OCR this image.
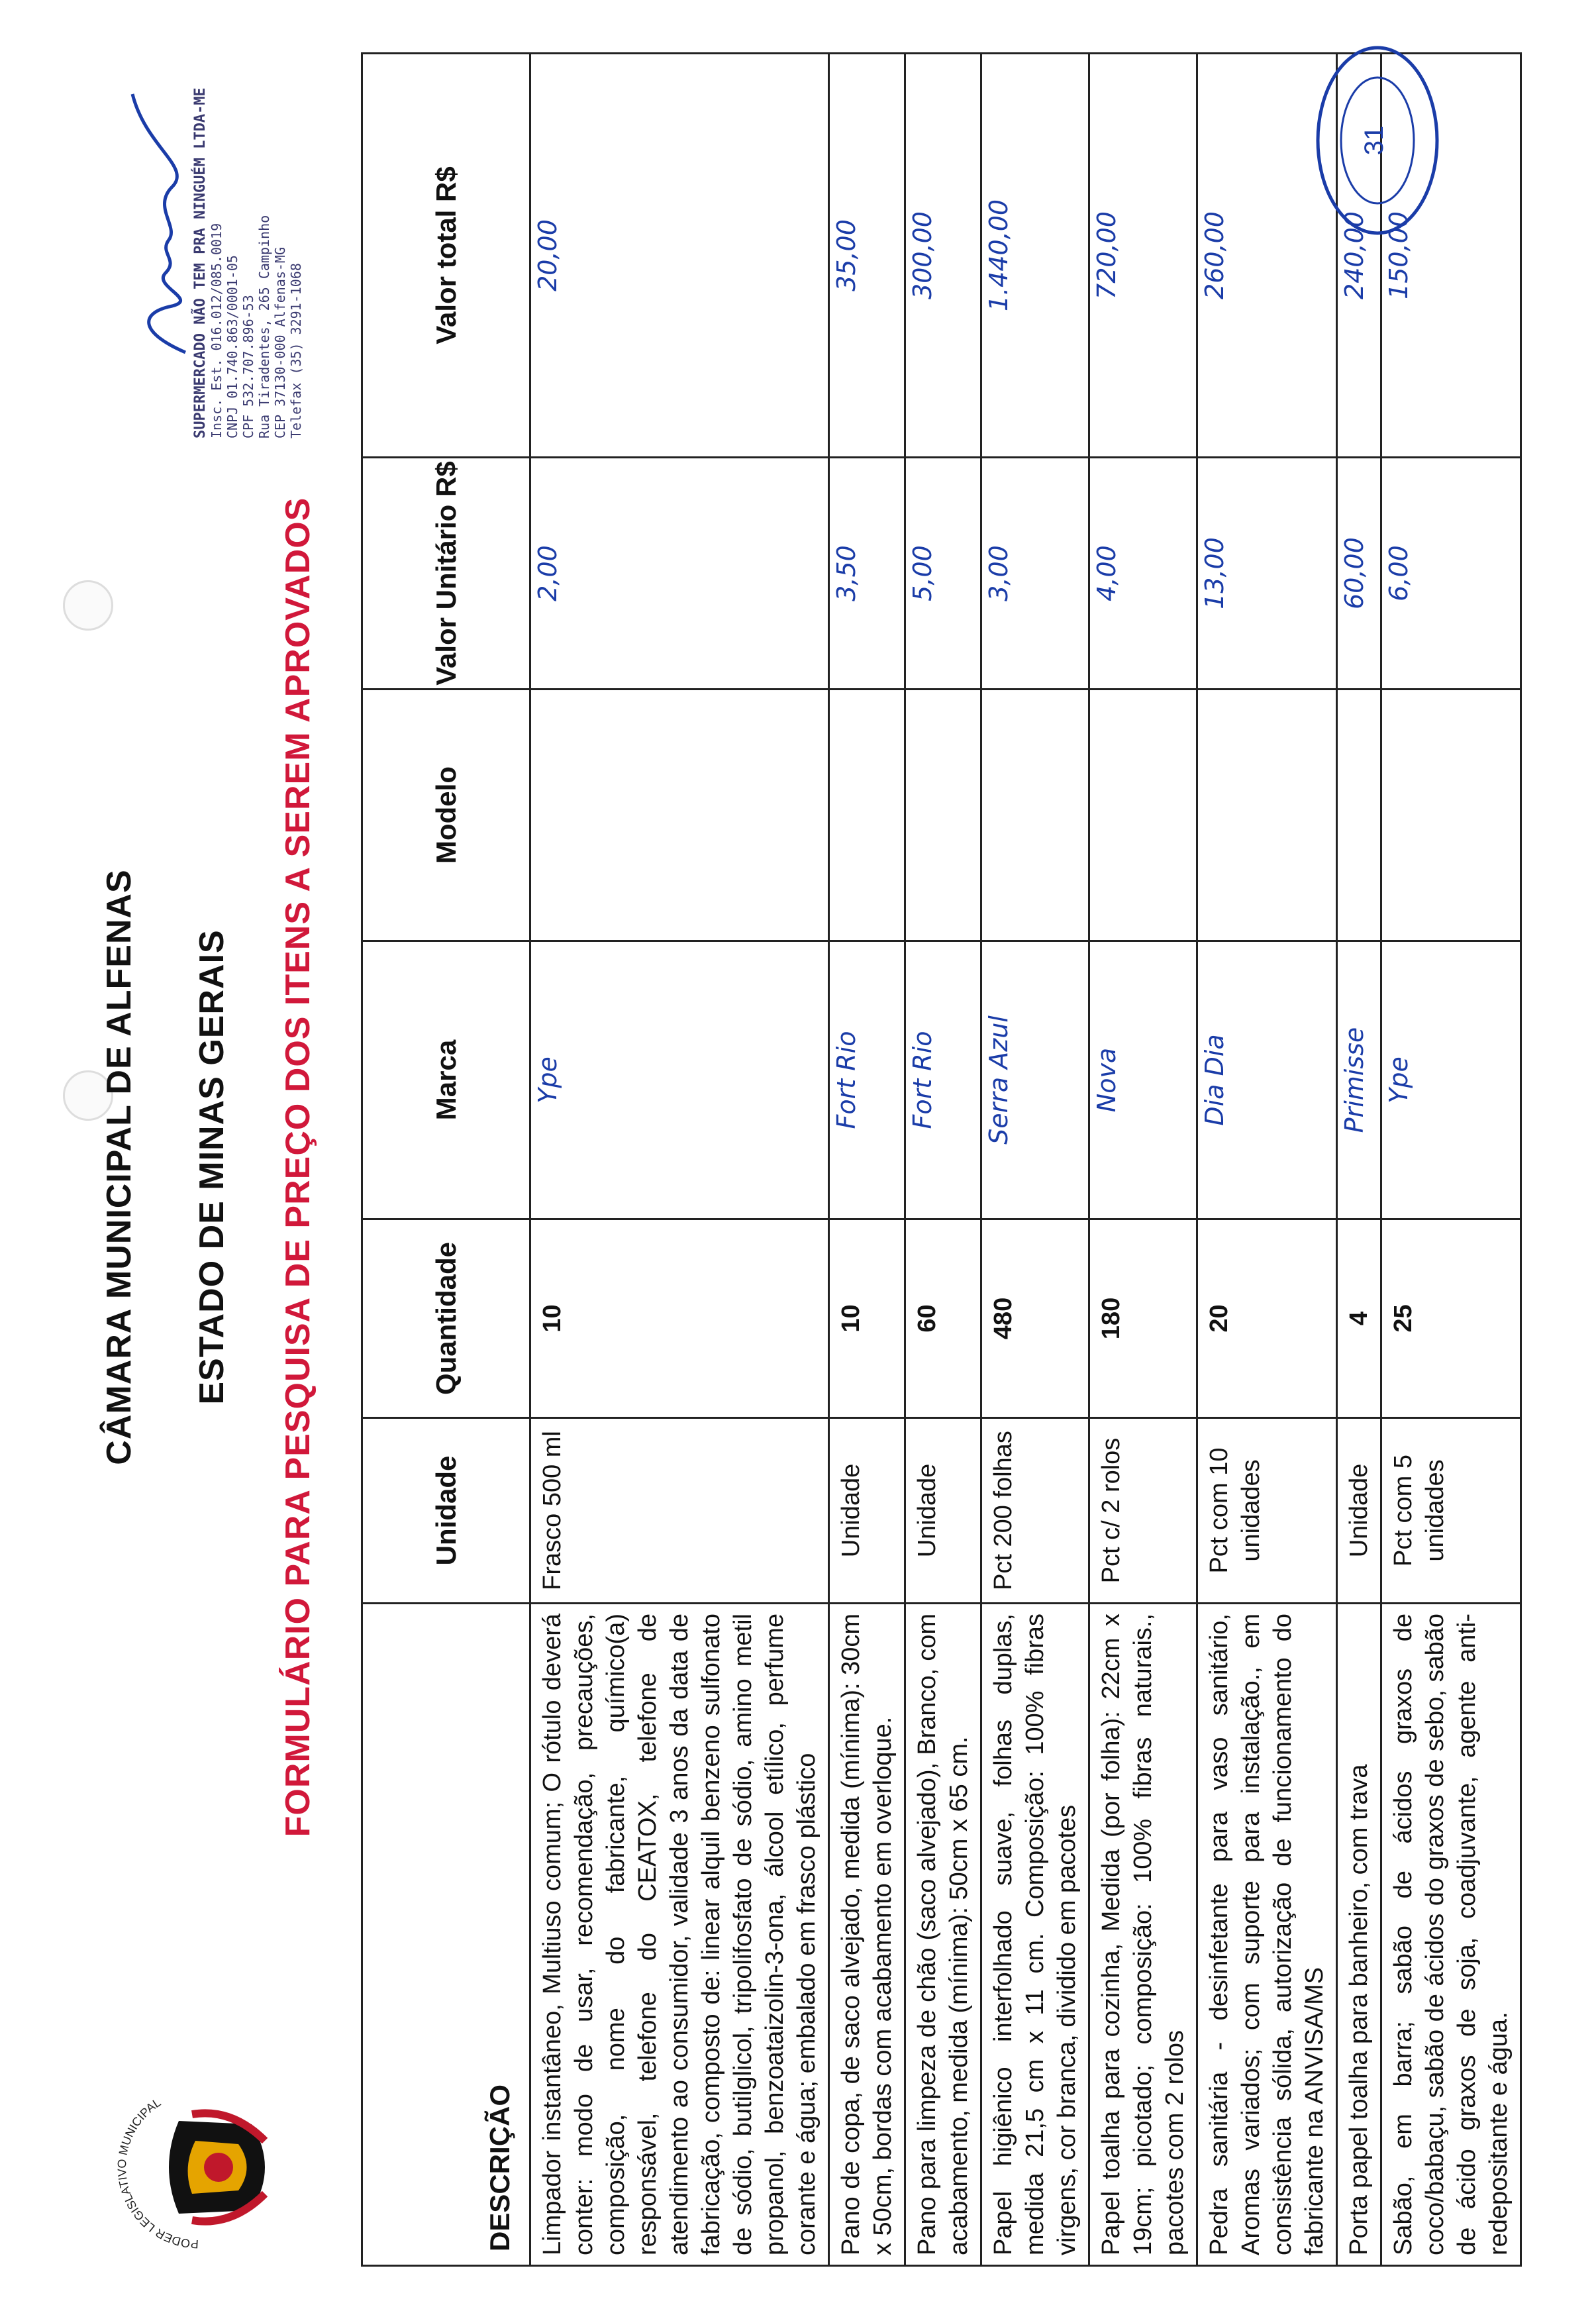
PODER LEGISLATIVO MUNICIPAL
CÂMARA MUNICIPAL DE ALFENAS ESTADO DE MINAS GERAIS FORMULÁRIO PARA PESQUISA DE PREÇO DOS ITENS A SEREM APROVADOS
SUPERMERCADO NÃO TEM PRA NINGUÉM LTDA-ME Insc. Est. 016.012/085.0019 CNPJ 01.740.863/0001-05 CPF 532.707.896-53 Rua Tiradentes, 265 Campinho CEP 37130-000 Alfenas-MG Telefax (35) 3291-1068
DESCRIÇÃO	Unidade	Quantidade	Marca	Modelo	Valor Unitário R$	Valor total R$
Limpador instantâneo, Multiuso comum; O rótulo deverá conter: modo de usar, recomendação, precauções, composição, nome do fabricante, químico(a) responsável, telefone do CEATOX, telefone de atendimento ao consumidor, validade 3 anos da data de fabricação, composto de: linear alquil benzeno sulfonato de sódio, butilglicol, tripolifosfato de sódio, amino metil propanol, benzoataizolin-3-ona, álcool etílico, perfume corante e água; embalado em frasco plástico	Frasco 500 ml	10	Ype		2,00	20,00
Pano de copa, de saco alvejado, medida (mínima): 30cm x 50cm, bordas com acabamento em overloque.	Unidade	10	Fort Rio		3,50	35,00
Pano para limpeza de chão (saco alvejado), Branco, com acabamento, medida (mínima): 50cm x 65 cm.	Unidade	60	Fort Rio		5,00	300,00
Papel higiênico interfolhado suave, folhas duplas, medida 21,5 cm x 11 cm. Composição: 100% fibras virgens, cor branca, dividido em pacotes	Pct 200 folhas	480	Serra Azul		3,00	1.440,00
Papel toalha para cozinha, Medida (por folha): 22cm x 19cm; picotado; composição: 100% fibras naturais., pacotes com 2 rolos	Pct c/ 2 rolos	180	Nova		4,00	720,00
Pedra sanitária - desinfetante para vaso sanitário, Aromas variados; com suporte para instalação., em consistência sólida, autorização de funcionamento do fabricante na ANVISA/MS	Pct com 10 unidades	20	Dia Dia		13,00	260,00
Porta papel toalha para banheiro, com trava	Unidade	4	Primisse		60,00	240,00
Sabão, em barra; sabão de ácidos graxos de coco/babaçu, sabão de ácidos do graxos de sebo, sabão de ácido graxos de soja, coadjuvante, agente anti-redepositante e água.	Pct com 5 unidades	25	Ype		6,00	150,00
31
